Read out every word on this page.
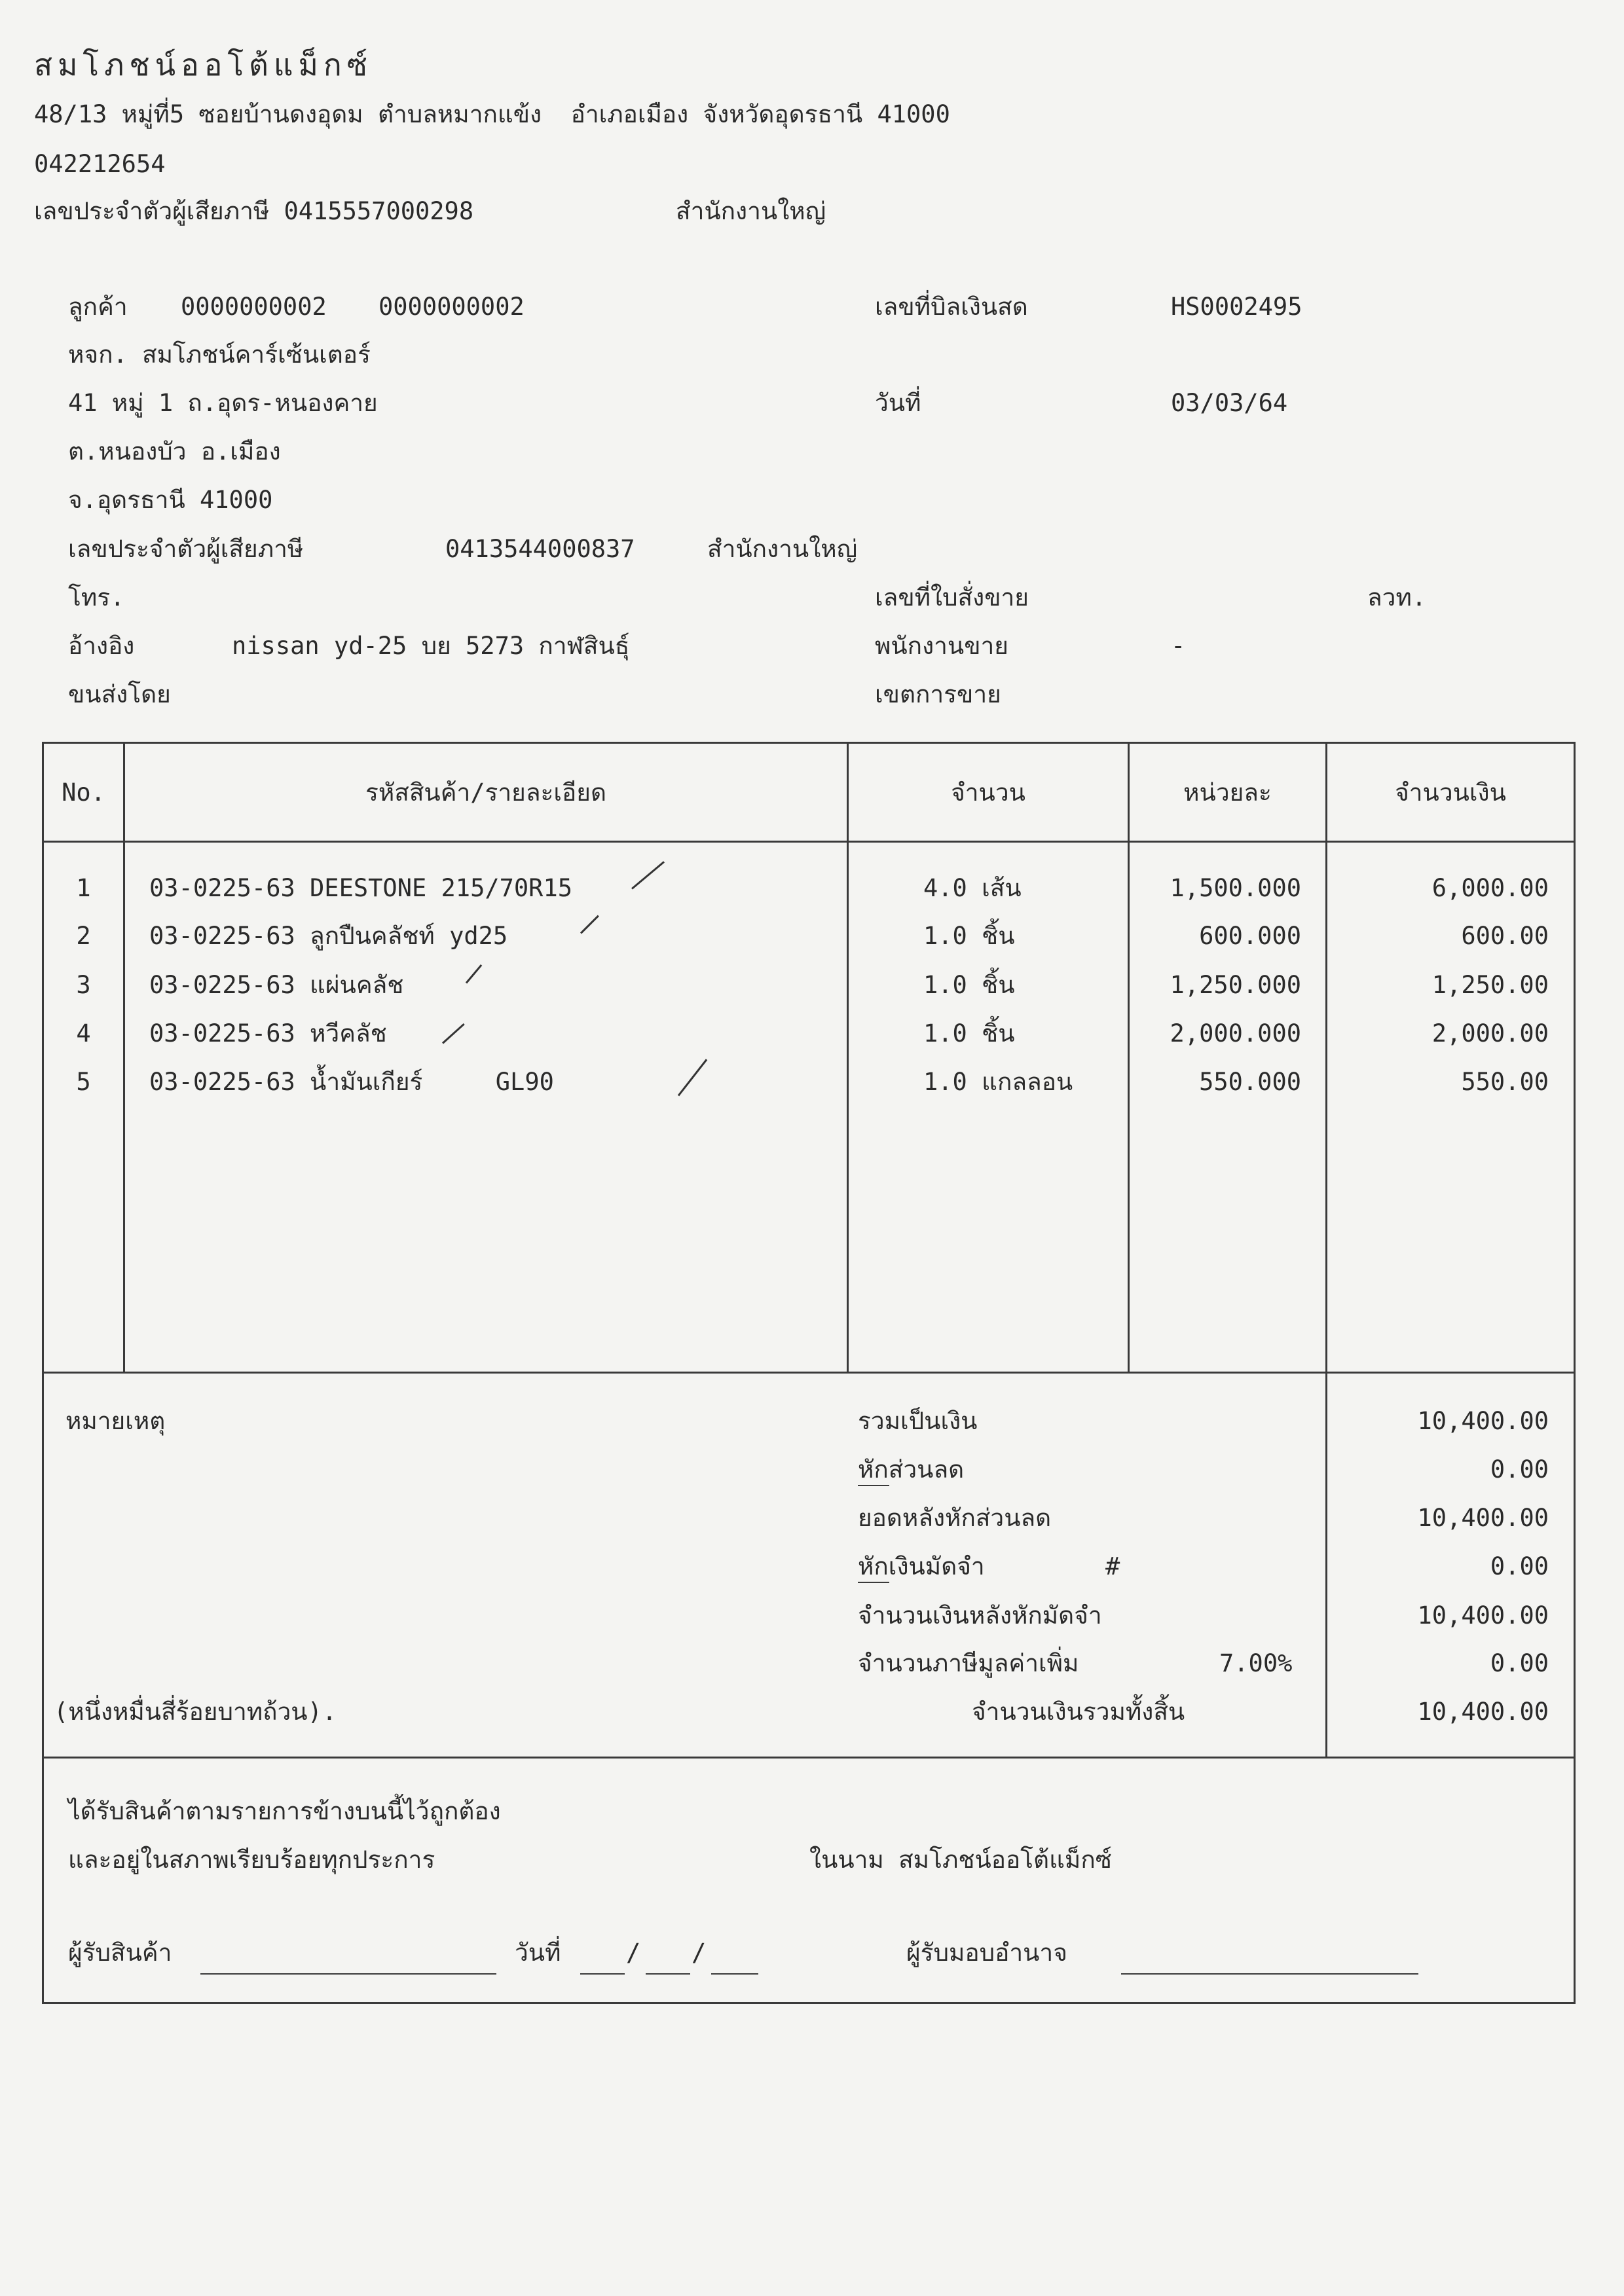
สมโภชน์ออโต้แม็กซ์
48/13 หมู่ที่5 ซอยบ้านดงอุดม ตำบลหมากแข้ง  อำเภอเมือง จังหวัดอุดรธานี 41000
042212654
เลขประจำตัวผู้เสียภาษี 0415557000298	สำนักงานใหญ่
ลูกค้า 0000000002 0000000002
หจก. สมโภชน์คาร์เซ้นเตอร์
41 หมู่ 1 ถ.อุดร-หนองคาย
ต.หนองบัว อ.เมือง
จ.อุดรธานี 41000
เลขประจำตัวผู้เสียภาษี	0413544000837	สำนักงานใหญ่
โทร.
อ้างอิง	nissan yd-25 บย 5273 กาฬสินธุ์
ขนส่งโดย
เลขที่บิลเงินสด	HS0002495
วันที่	03/03/64
เลขที่ใบสั่งขาย	ลวท.
พนักงานขาย	-
เขตการขาย
No.	รหัสสินค้า/รายละเอียด	จำนวน	หน่วยละ	จำนวนเงิน
1	03-0225-63 DEESTONE 215/70R15	4.0 เส้น	1,500.000	6,000.00
2	03-0225-63 ลูกปืนคลัชท์ yd25	1.0 ชิ้น	600.000	600.00
3	03-0225-63 แผ่นคลัช	1.0 ชิ้น	1,250.000	1,250.00
4	03-0225-63 หวีคลัช	1.0 ชิ้น	2,000.000	2,000.00
5	03-0225-63 น้ำมันเกียร์     GL90	1.0 แกลลอน	550.000	550.00
หมายเหตุ
(หนึ่งหมื่นสี่ร้อยบาทถ้วน).
รวมเป็นเงิน	10,400.00
หักส่วนลด	0.00
ยอดหลังหักส่วนลด	10,400.00
หักเงินมัดจำ	#	0.00
จำนวนเงินหลังหักมัดจำ	10,400.00
จำนวนภาษีมูลค่าเพิ่ม	7.00%	0.00
จำนวนเงินรวมทั้งสิ้น	10,400.00
ได้รับสินค้าตามรายการข้างบนนี้ไว้ถูกต้อง
และอยู่ในสภาพเรียบร้อยทุกประการ	ในนาม สมโภชน์ออโต้แม็กซ์
ผู้รับสินค้า	วันที่	/ /	ผู้รับมอบอำนาจ
